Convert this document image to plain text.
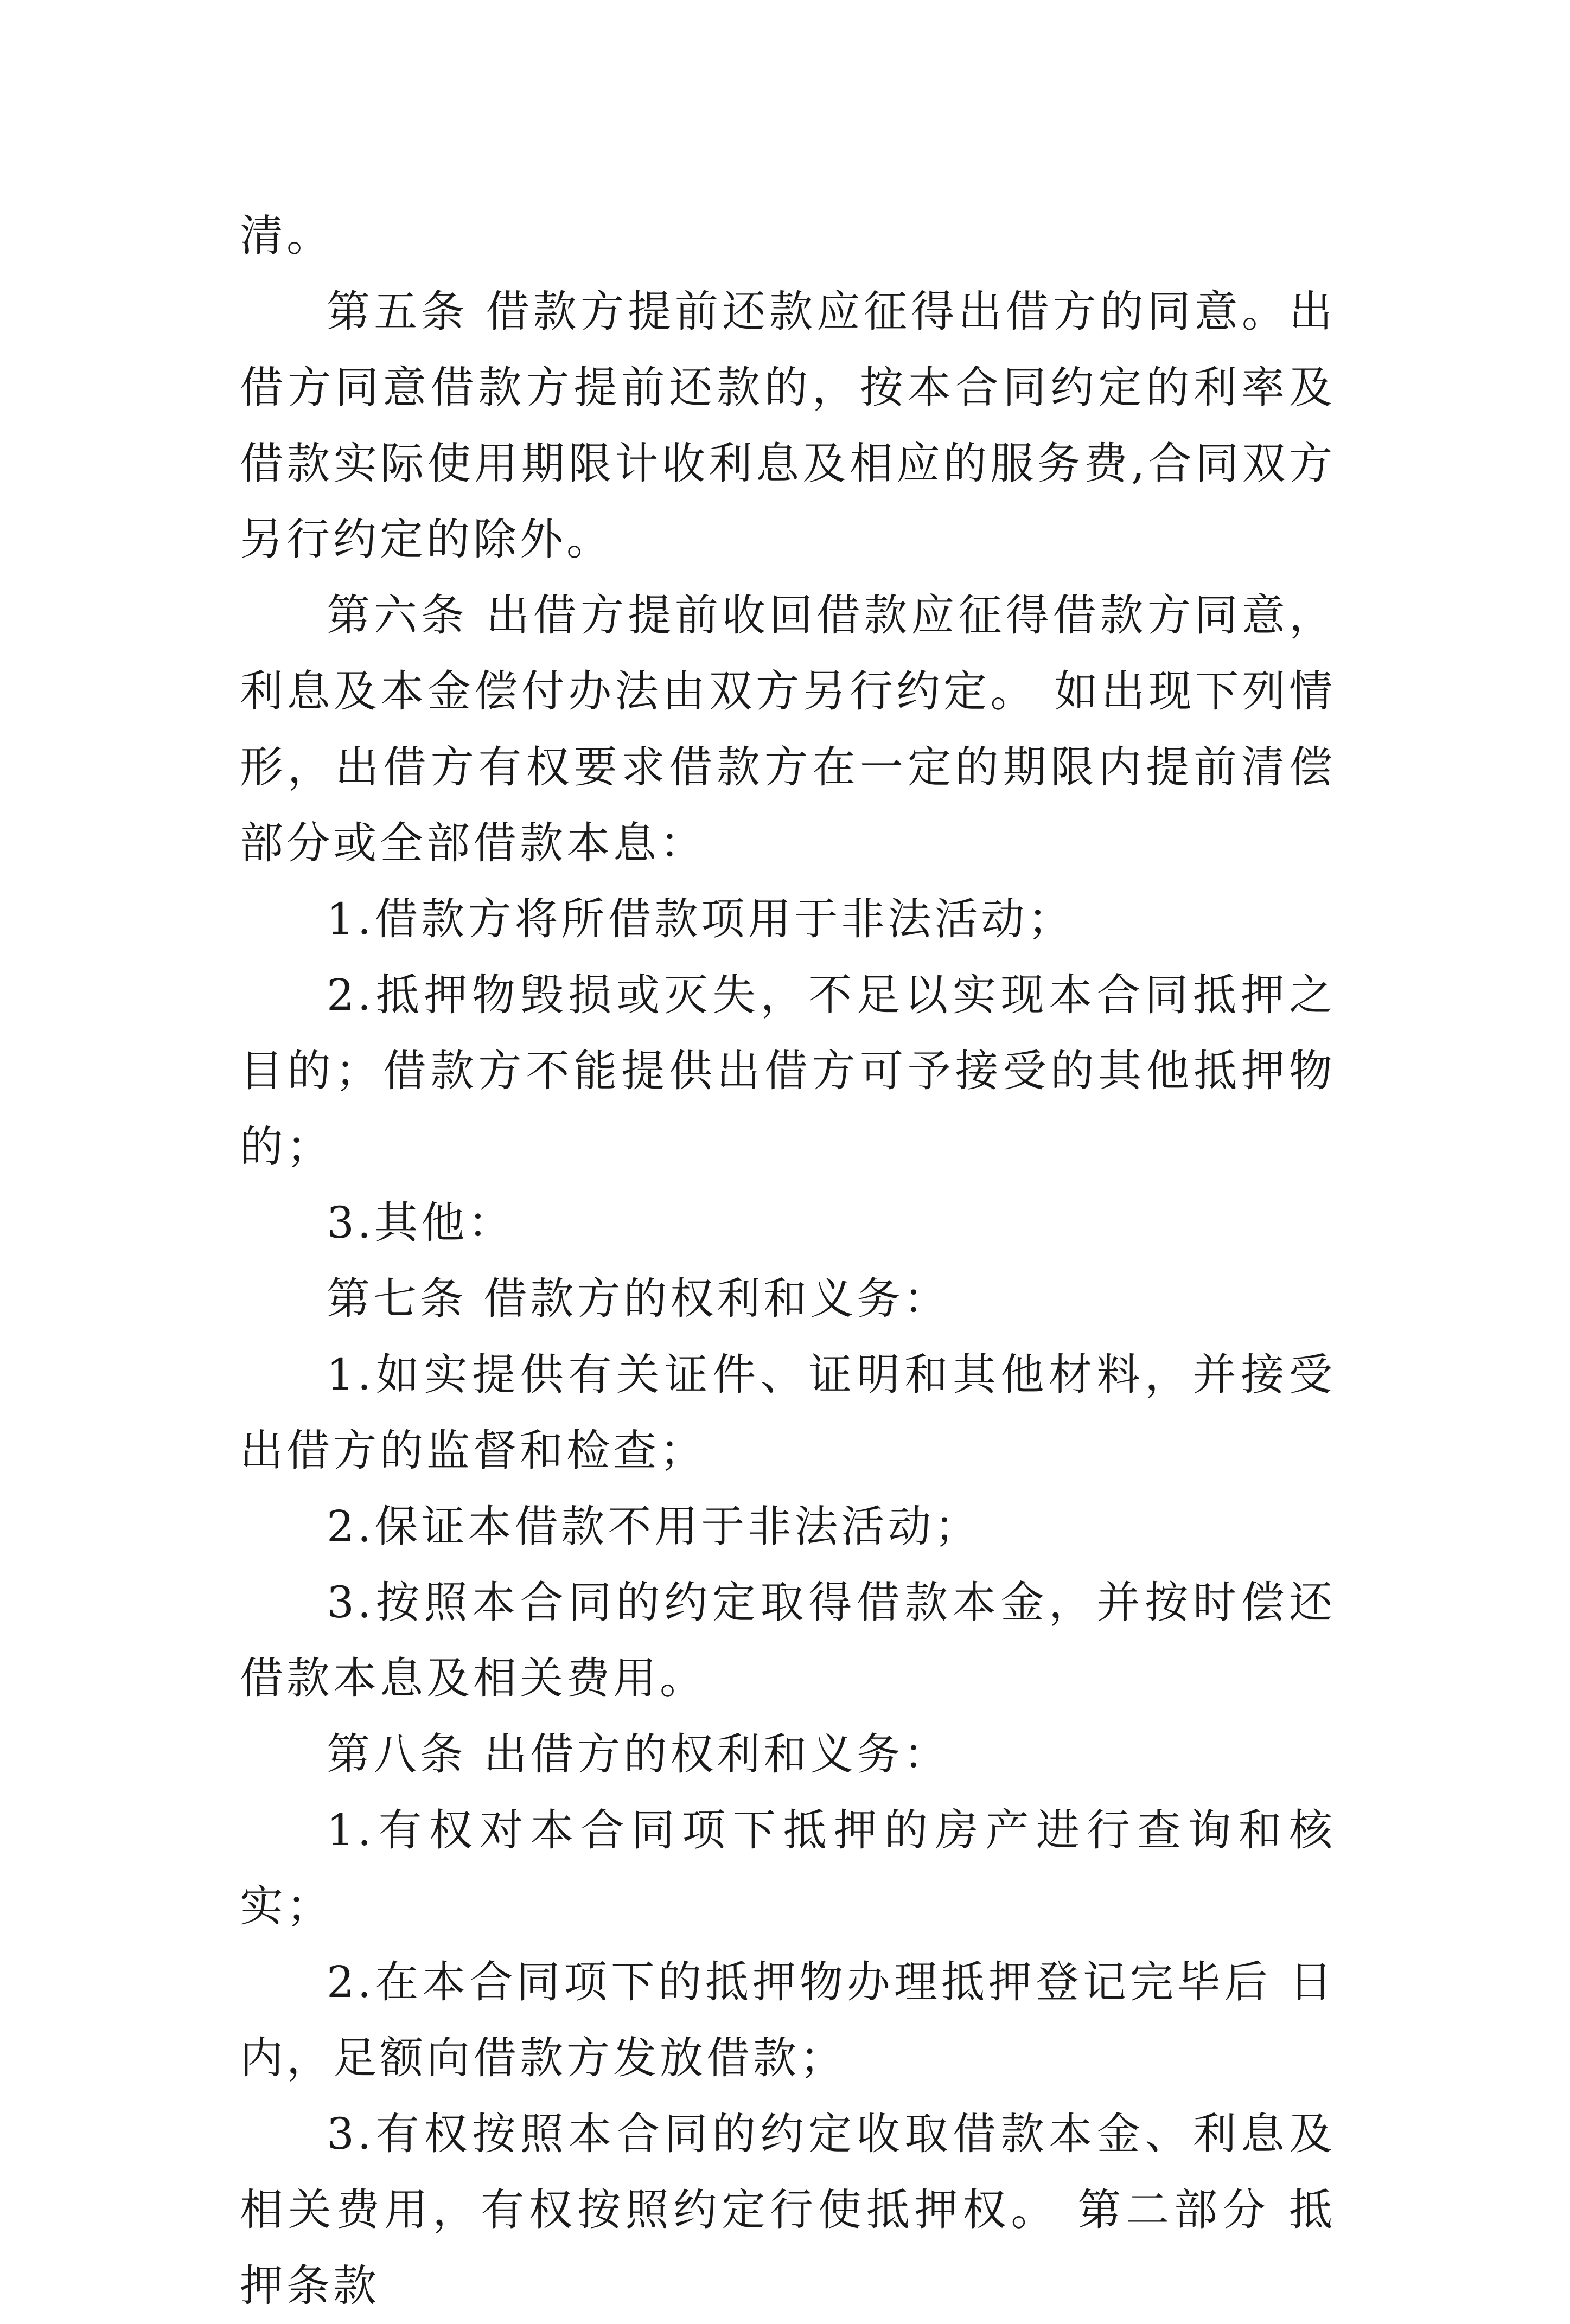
清。

第五条 借款方提前还款应征得出借方的同意。出借方同意借款方提前还款的，按本合同约定的利率及借款实际使用期限计收利息及相应的服务费,合同双方另行约定的除外。

第六条 出借方提前收回借款应征得借款方同意，利息及本金偿付办法由双方另行约定。 如出现下列情形，出借方有权要求借款方在一定的期限内提前清偿部分或全部借款本息：

1.借款方将所借款项用于非法活动；

2.抵押物毁损或灭失，不足以实现本合同抵押之目的；借款方不能提供出借方可予接受的其他抵押物的；

3.其他：

第七条 借款方的权利和义务：

1.如实提供有关证件、证明和其他材料，并接受出借方的监督和检查；

2.保证本借款不用于非法活动；

3.按照本合同的约定取得借款本金，并按时偿还借款本息及相关费用。

第八条 出借方的权利和义务：

1.有权对本合同项下抵押的房产进行查询和核实；

2.在本合同项下的抵押物办理抵押登记完毕后 日内，足额向借款方发放借款；

3.有权按照本合同的约定收取借款本金、利息及相关费用，有权按照约定行使抵押权。 第二部分 抵押条款
